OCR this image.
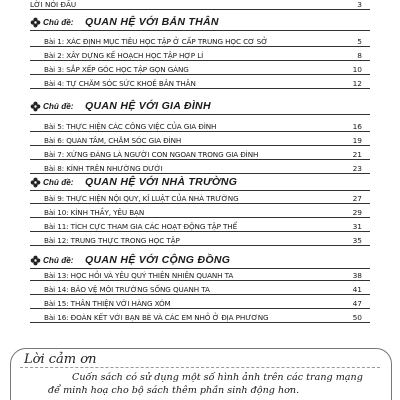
LỜI NÓI ĐẦU	3
Chủ đề: QUAN HỆ VỚI BẢN THÂN
Bài 1: XÁC ĐỊNH MỤC TIÊU HỌC TẬP Ở CẤP TRUNG HỌC CƠ SỞ	5
Bài 2: XÂY DỰNG KẾ HOẠCH HỌC TẬP HỢP LÍ	8
Bài 3: SẮP XẾP GÓC HỌC TẬP GỌN GÀNG	10
Bài 4: TỰ CHĂM SÓC SỨC KHOẺ BẢN THÂN	12
Chủ đề: QUAN HỆ VỚI GIA ĐÌNH
Bài 5: THỰC HIỆN CÁC CÔNG VIỆC CỦA GIA ĐÌNH	16
Bài 6: QUAN TÂM, CHĂM SÓC GIA ĐÌNH	19
Bài 7: XỨNG ĐÁNG LÀ NGƯỜI CON NGOAN TRONG GIA ĐÌNH	21
Bài 8: KÍNH TRÊN NHƯỜNG DƯỚI	23
Chủ đề: QUAN HỆ VỚI NHÀ TRƯỜNG
Bài 9: THỰC HIỆN NỘI QUY, KỈ LUẬT CỦA NHÀ TRƯỜNG	27
Bài 10: KÍNH THẦY, YÊU BẠN	29
Bài 11: TÍCH CỰC THAM GIA CÁC HOẠT ĐỘNG TẬP THỂ	31
Bài 12: TRUNG THỰC TRONG HỌC TẬP	35
Chủ đề: QUAN HỆ VỚI CỘNG ĐỒNG
Bài 13: HỌC HỎI VÀ YÊU QUÝ THIÊN NHIÊN QUANH TA	38
Bài 14: BẢO VỆ MÔI TRƯỜNG SỐNG QUANH TA	41
Bài 15: THÂN THIỆN VỚI HÀNG XÓM	47
Bài 16: ĐOÀN KẾT VỚI BẠN BÈ VÀ CÁC EM NHỎ Ở ĐỊA PHƯƠNG	50
Lời cảm ơn
Cuốn sách có sử dụng một số hình ảnh trên các trang mạng
để minh hoạ cho bộ sách thêm phần sinh động hơn.
